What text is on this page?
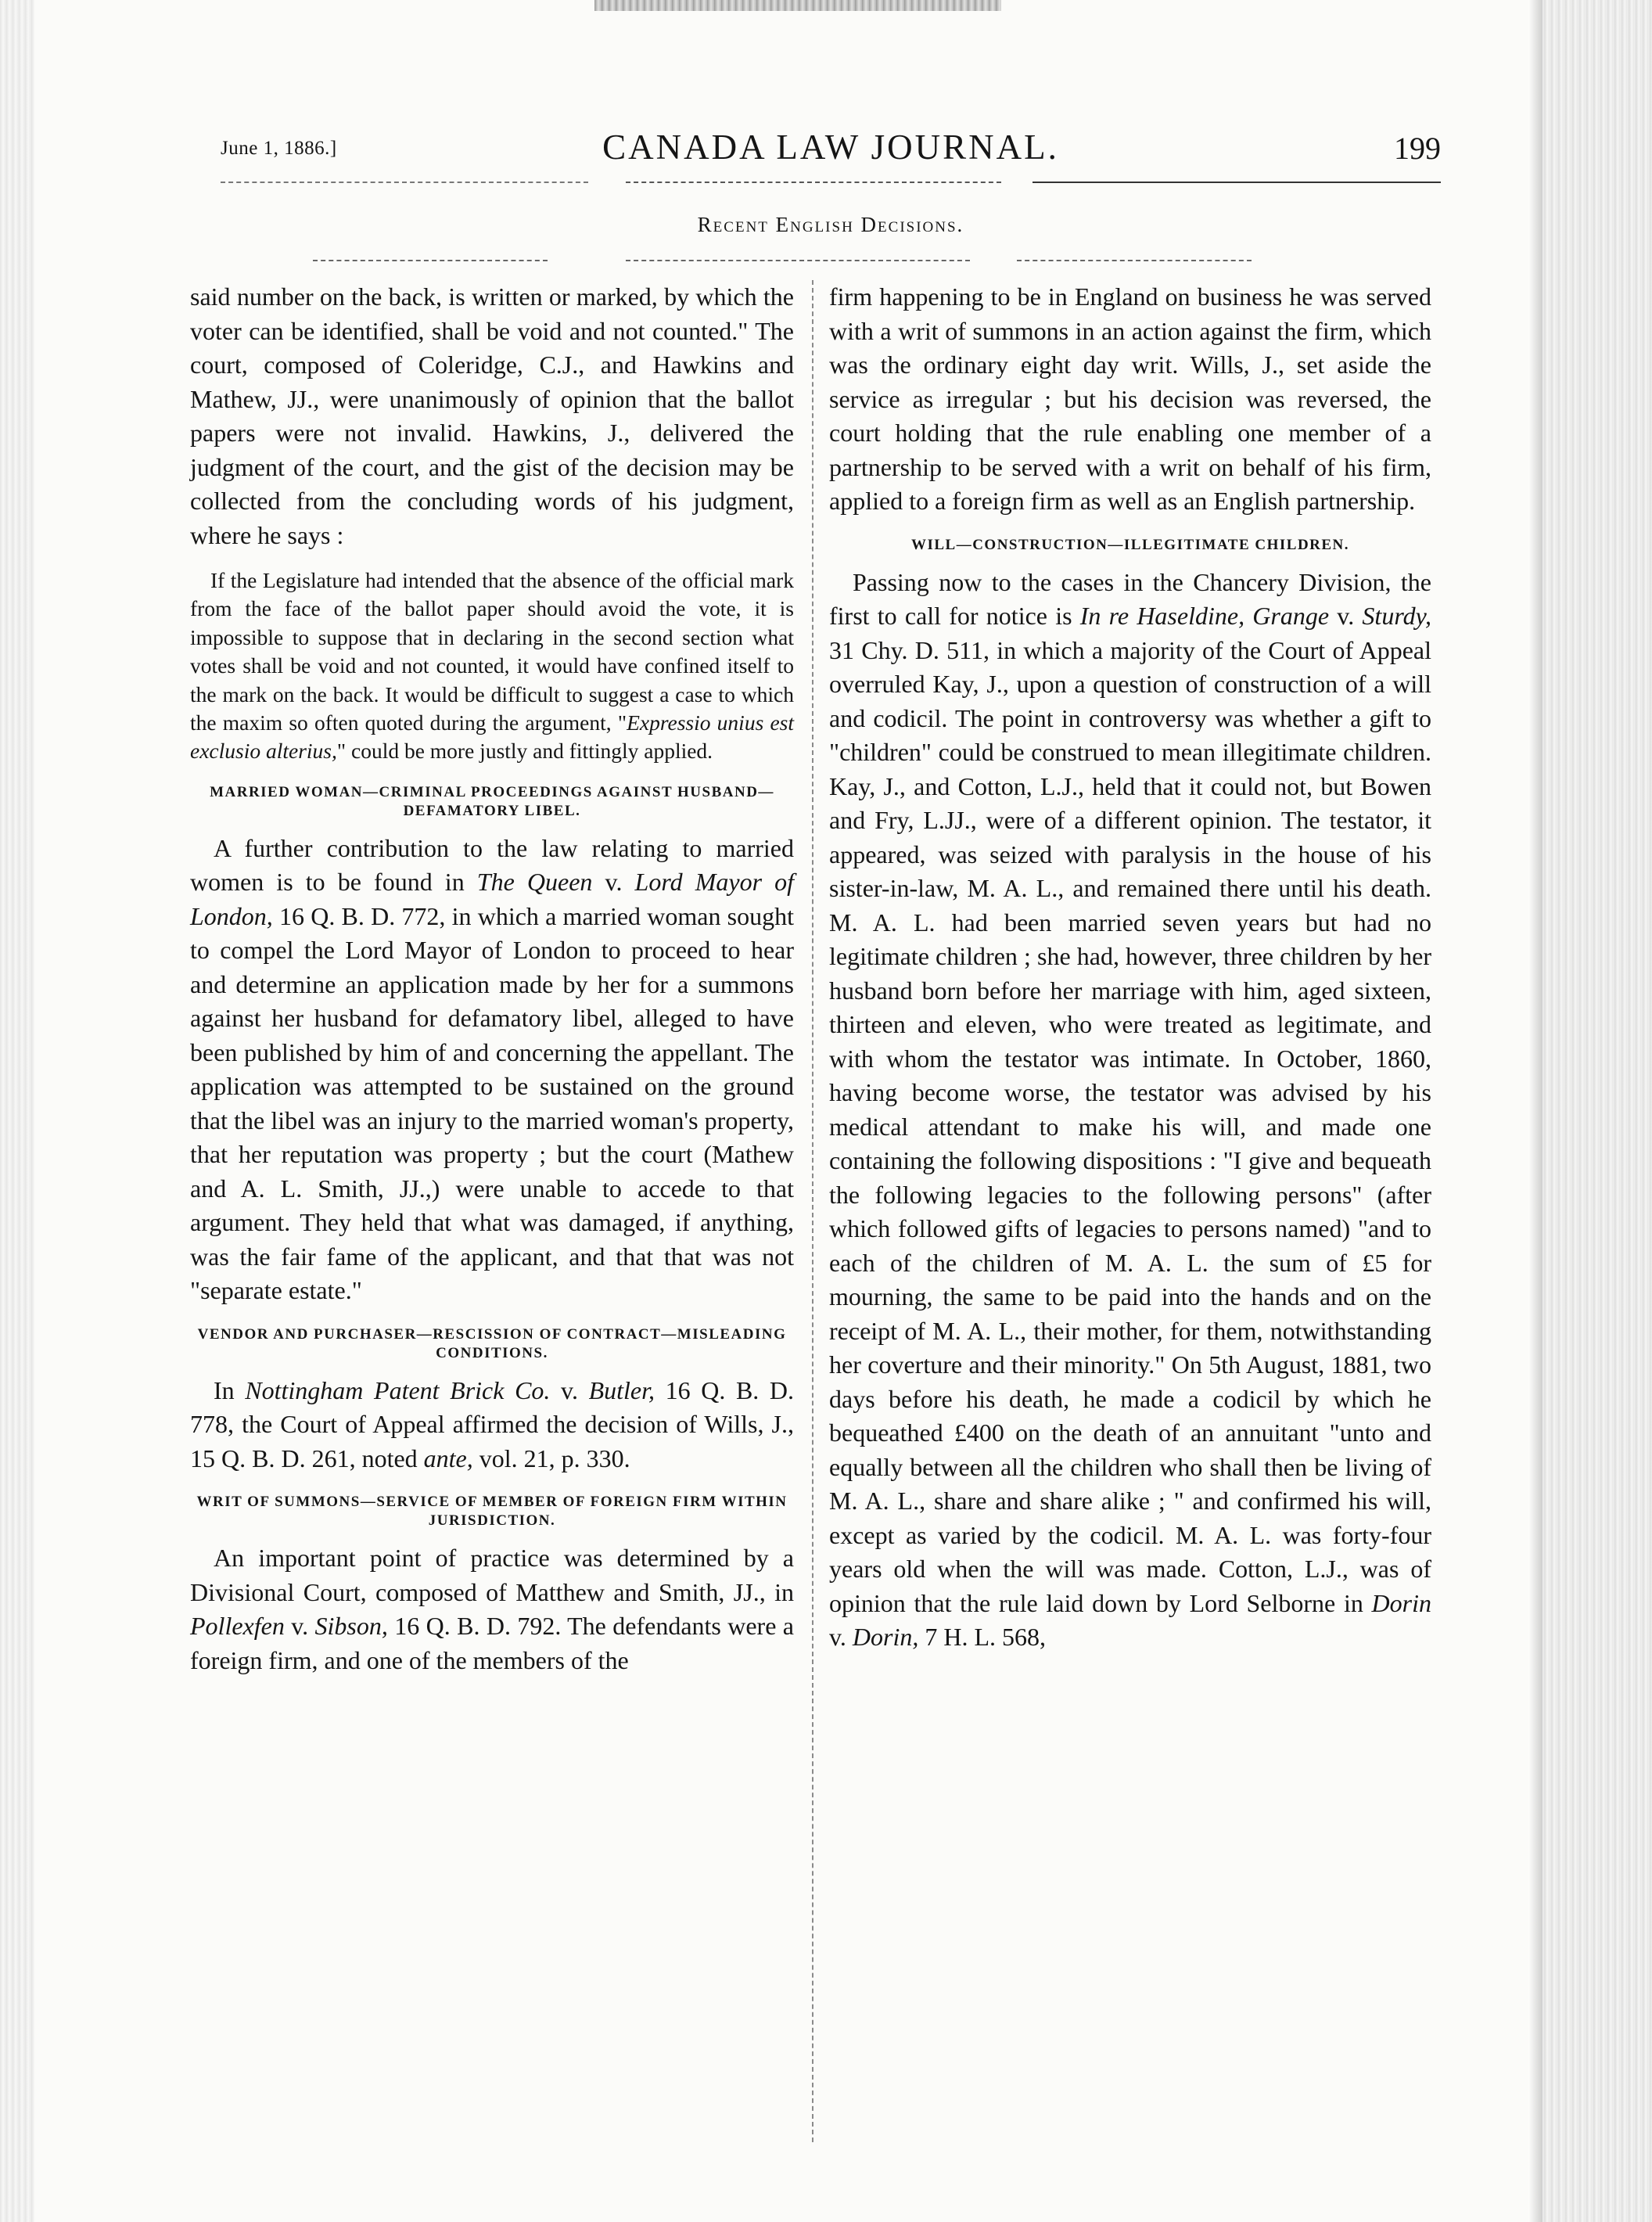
June 1, 1886.]	CANADA LAW JOURNAL.	199
Recent English Decisions.

said number on the back, is written or marked, by which the voter can be identified, shall be void and not counted." The court, composed of Coleridge, C.J., and Hawkins and Mathew, JJ., were unanimously of opinion that the ballot papers were not invalid. Hawkins, J., delivered the judgment of the court, and the gist of the decision may be collected from the concluding words of his judgment, where he says :

If the Legislature had intended that the absence of the official mark from the face of the ballot paper should avoid the vote, it is impossible to suppose that in declaring in the second section what votes shall be void and not counted, it would have confined itself to the mark on the back. It would be difficult to suggest a case to which the maxim so often quoted during the argument, "Expressio unius est exclusio alterius," could be more justly and fittingly applied.

MARRIED WOMAN—CRIMINAL PROCEEDINGS AGAINST HUSBAND—DEFAMATORY LIBEL.

A further contribution to the law relating to married women is to be found in The Queen v. Lord Mayor of London, 16 Q. B. D. 772, in which a married woman sought to compel the Lord Mayor of London to proceed to hear and determine an application made by her for a summons against her husband for defamatory libel, alleged to have been published by him of and concerning the appellant. The application was attempted to be sustained on the ground that the libel was an injury to the married woman's property, that her reputation was property ; but the court (Mathew and A. L. Smith, JJ.,) were unable to accede to that argument. They held that what was damaged, if anything, was the fair fame of the applicant, and that that was not "separate estate."

VENDOR AND PURCHASER—RESCISSION OF CONTRACT—MISLEADING CONDITIONS.

In Nottingham Patent Brick Co. v. Butler, 16 Q. B. D. 778, the Court of Appeal affirmed the decision of Wills, J., 15 Q. B. D. 261, noted ante, vol. 21, p. 330.

WRIT OF SUMMONS—SERVICE OF MEMBER OF FOREIGN FIRM WITHIN JURISDICTION.

An important point of practice was determined by a Divisional Court, composed of Matthew and Smith, JJ., in Pollexfen v. Sibson, 16 Q. B. D. 792. The defendants were a foreign firm, and one of the members of the

firm happening to be in England on business he was served with a writ of summons in an action against the firm, which was the ordinary eight day writ. Wills, J., set aside the service as irregular ; but his decision was reversed, the court holding that the rule enabling one member of a partnership to be served with a writ on behalf of his firm, applied to a foreign firm as well as an English partnership.

WILL—CONSTRUCTION—ILLEGITIMATE CHILDREN.

Passing now to the cases in the Chancery Division, the first to call for notice is In re Haseldine, Grange v. Sturdy, 31 Chy. D. 511, in which a majority of the Court of Appeal overruled Kay, J., upon a question of construction of a will and codicil. The point in controversy was whether a gift to "children" could be construed to mean illegitimate children. Kay, J., and Cotton, L.J., held that it could not, but Bowen and Fry, L.JJ., were of a different opinion. The testator, it appeared, was seized with paralysis in the house of his sister-in-law, M. A. L., and remained there until his death. M. A. L. had been married seven years but had no legitimate children ; she had, however, three children by her husband born before her marriage with him, aged sixteen, thirteen and eleven, who were treated as legitimate, and with whom the testator was intimate. In October, 1860, having become worse, the testator was advised by his medical attendant to make his will, and made one containing the following dispositions : "I give and bequeath the following legacies to the following persons" (after which followed gifts of legacies to persons named) "and to each of the children of M. A. L. the sum of £5 for mourning, the same to be paid into the hands and on the receipt of M. A. L., their mother, for them, notwithstanding her coverture and their minority." On 5th August, 1881, two days before his death, he made a codicil by which he bequeathed £400 on the death of an annuitant "unto and equally between all the children who shall then be living of M. A. L., share and share alike ; " and confirmed his will, except as varied by the codicil. M. A. L. was forty-four years old when the will was made. Cotton, L.J., was of opinion that the rule laid down by Lord Selborne in Dorin v. Dorin, 7 H. L. 568,
